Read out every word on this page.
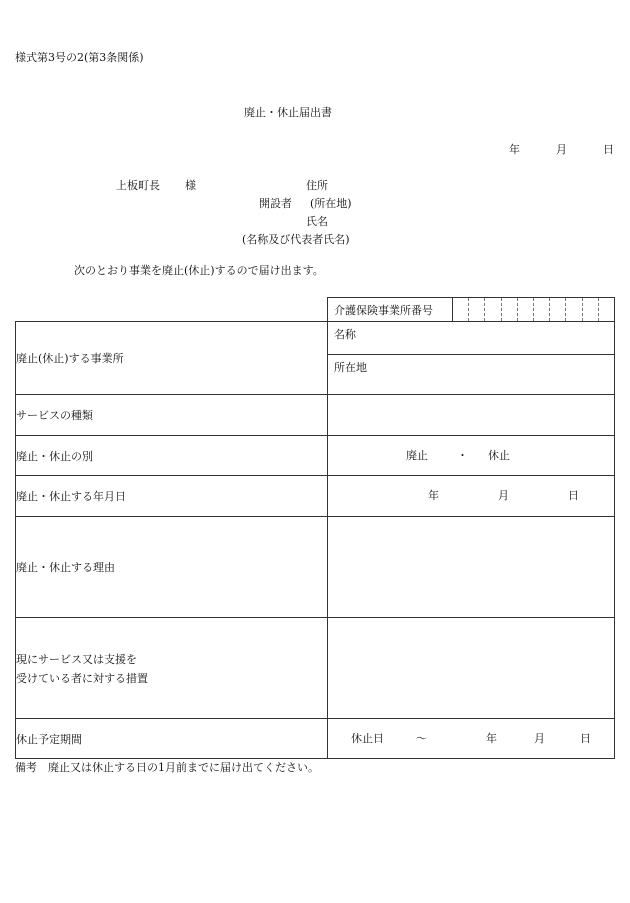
様式第3号の2(第3条関係)
廃止・休止届出書
年	月	日
上板町長 様	住所
開設者 (所在地)
氏名
(名称及び代表者氏名)
次のとおり事業を廃止(休止)するので届け出ます。

介護保険事業所番号

廃止(休止)する事業所	名称
所在地

サービスの種類	
廃止・休止の別	廃止 ・ 休止

廃止・休止する年月日	年 月 日

廃止・休止する理由	

現にサービス又は支援を
受けている者に対する措置	

休止予定期間	休止日 〜 年 月 日
備考　廃止又は休止する日の1月前までに届け出てください。
